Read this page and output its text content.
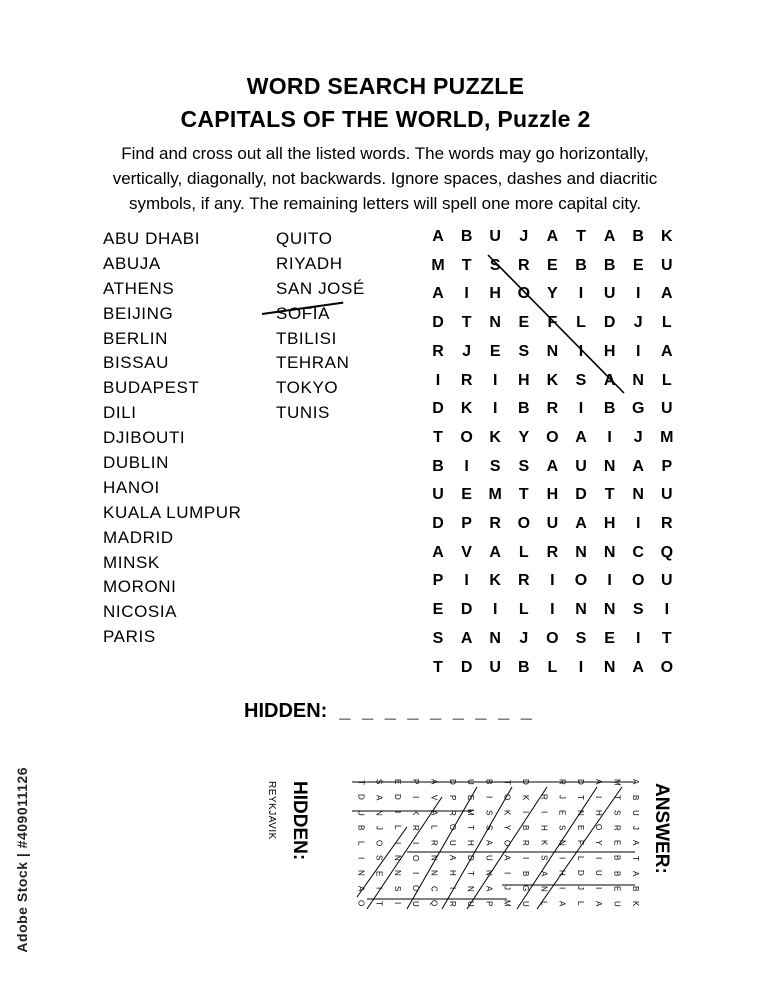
WORD SEARCH PUZZLE
CAPITALS OF THE WORLD, Puzzle 2
Find and cross out all the listed words. The words may go horizontally, vertically, diagonally, not backwards. Ignore spaces, dashes and diacritic symbols, if any. The remaining letters will spell one more capital city.
ABU DHABI
ABUJA
ATHENS
BEIJING
BERLIN
BISSAU
BUDAPEST
DILI
DJIBOUTI
DUBLIN
HANOI
KUALA LUMPUR
MADRID
MINSK
MORONI
NICOSIA
PARIS
QUITO
RIYADH
SAN JOSÉ
SOFIA
TBILISI
TEHRAN
TOKYO
TUNIS
A	B	U	J	A	T	A	B	K
M	T	S	R	E	B	B	E	U
A	I	H	O	Y	I	U	I	A
D	T	N	E	F	L	D	J	L
R	J	E	S	N	I	H	I	A
I	R	I	H	K	S	A	N	L
D	K	I	B	R	I	B	G	U
T	O	K	Y	O	A	I	J	M
B	I	S	S	A	U	N	A	P
U	E	M	T	H	D	T	N	U
D	P	R	O	U	A	H	I	R
A	V	A	L	R	N	N	C	Q
P	I	K	R	I	O	I	O	U
E	D	I	L	I	N	N	S	I
S	A	N	J	O	S	E	I	T
T	D	U	B	L	I	N	A	O
HIDDEN: _ _ _ _ _ _ _ _ _
HIDDEN:
REYKJAVIK	ANSWER:
A
B
U
J
A
T
A
B
K
M
T
S
R
E
B
B
E
U
A
I
H
O
Y
I
U
I
A
D
T
N
E
F
L
D
J
L
R
J
E
S
N
I
H
I
A
I
R
I
H
K
S
A
N
L
D
K
I
B
R
I
B
G
U
T
O
K
Y
O
A
I
J
M
B
I
S
S
A
U
N
A
P
U
E
M
T
H
D
T
N
U
D
P
R
O
U
A
H
I
R
A
V
A
L
R
N
N
C
Q
P
I
K
R
I
O
I
O
U
E
D
I
L
I
N
N
S
I
S
A
N
J
O
S
E
I
T
T
D
U
B
L
I
N
A
O
Adobe Stock | #409011126
